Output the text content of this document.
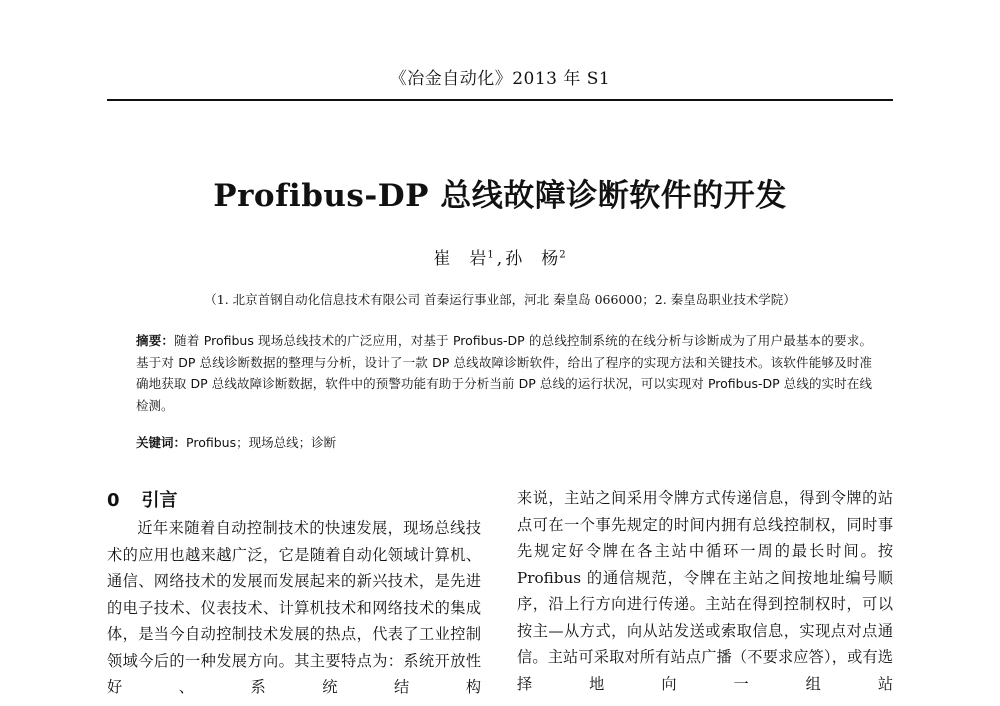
《冶金自动化》2013 年 S1
Profibus-DP 总线故障诊断软件的开发
崔　岩$^1$ , 孙　杨$^2$
（1. 北京首钢自动化信息技术有限公司 首秦运行事业部，河北 秦皇岛 066000；2. 秦皇岛职业技术学院）
摘要：随着 Profibus 现场总线技术的广泛应用，对基于 Profibus-DP 的总线控制系统的在线分析与诊断成为了用户最基本的要求。基于对 DP 总线诊断数据的整理与分析，设计了一款 DP 总线故障诊断软件，给出了程序的实现方法和关键技术。该软件能够及时准确地获取 DP 总线故障诊断数据，软件中的预警功能有助于分析当前 DP 总线的运行状况，可以实现对 Profibus-DP 总线的实时在线检测。
关键词：Profibus；现场总线；诊断
0 引言

近年来随着自动控制技术的快速发展，现场总线技术的应用也越来越广泛，它是随着自动化领域计算机、通信、网络技术的发展而发展起来的新兴技术，是先进的电子技术、仪表技术、计算机技术和网络技术的集成体，是当今自动控制技术发展的热点，代表了工业控制领域今后的一种发展方向。其主要特点为：系统开放性好、系统结构

来说，主站之间采用令牌方式传递信息，得到令牌的站点可在一个事先规定的时间内拥有总线控制权，同时事先规定好令牌在各主站中循环一周的最长时间。按 Profibus 的通信规范，令牌在主站之间按地址编号顺序，沿上行方向进行传递。主站在得到控制权时，可以按主—从方式，向从站发送或索取信息，实现点对点通信。主站可采取对所有站点广播（不要求应答），或有选择地向一组站
